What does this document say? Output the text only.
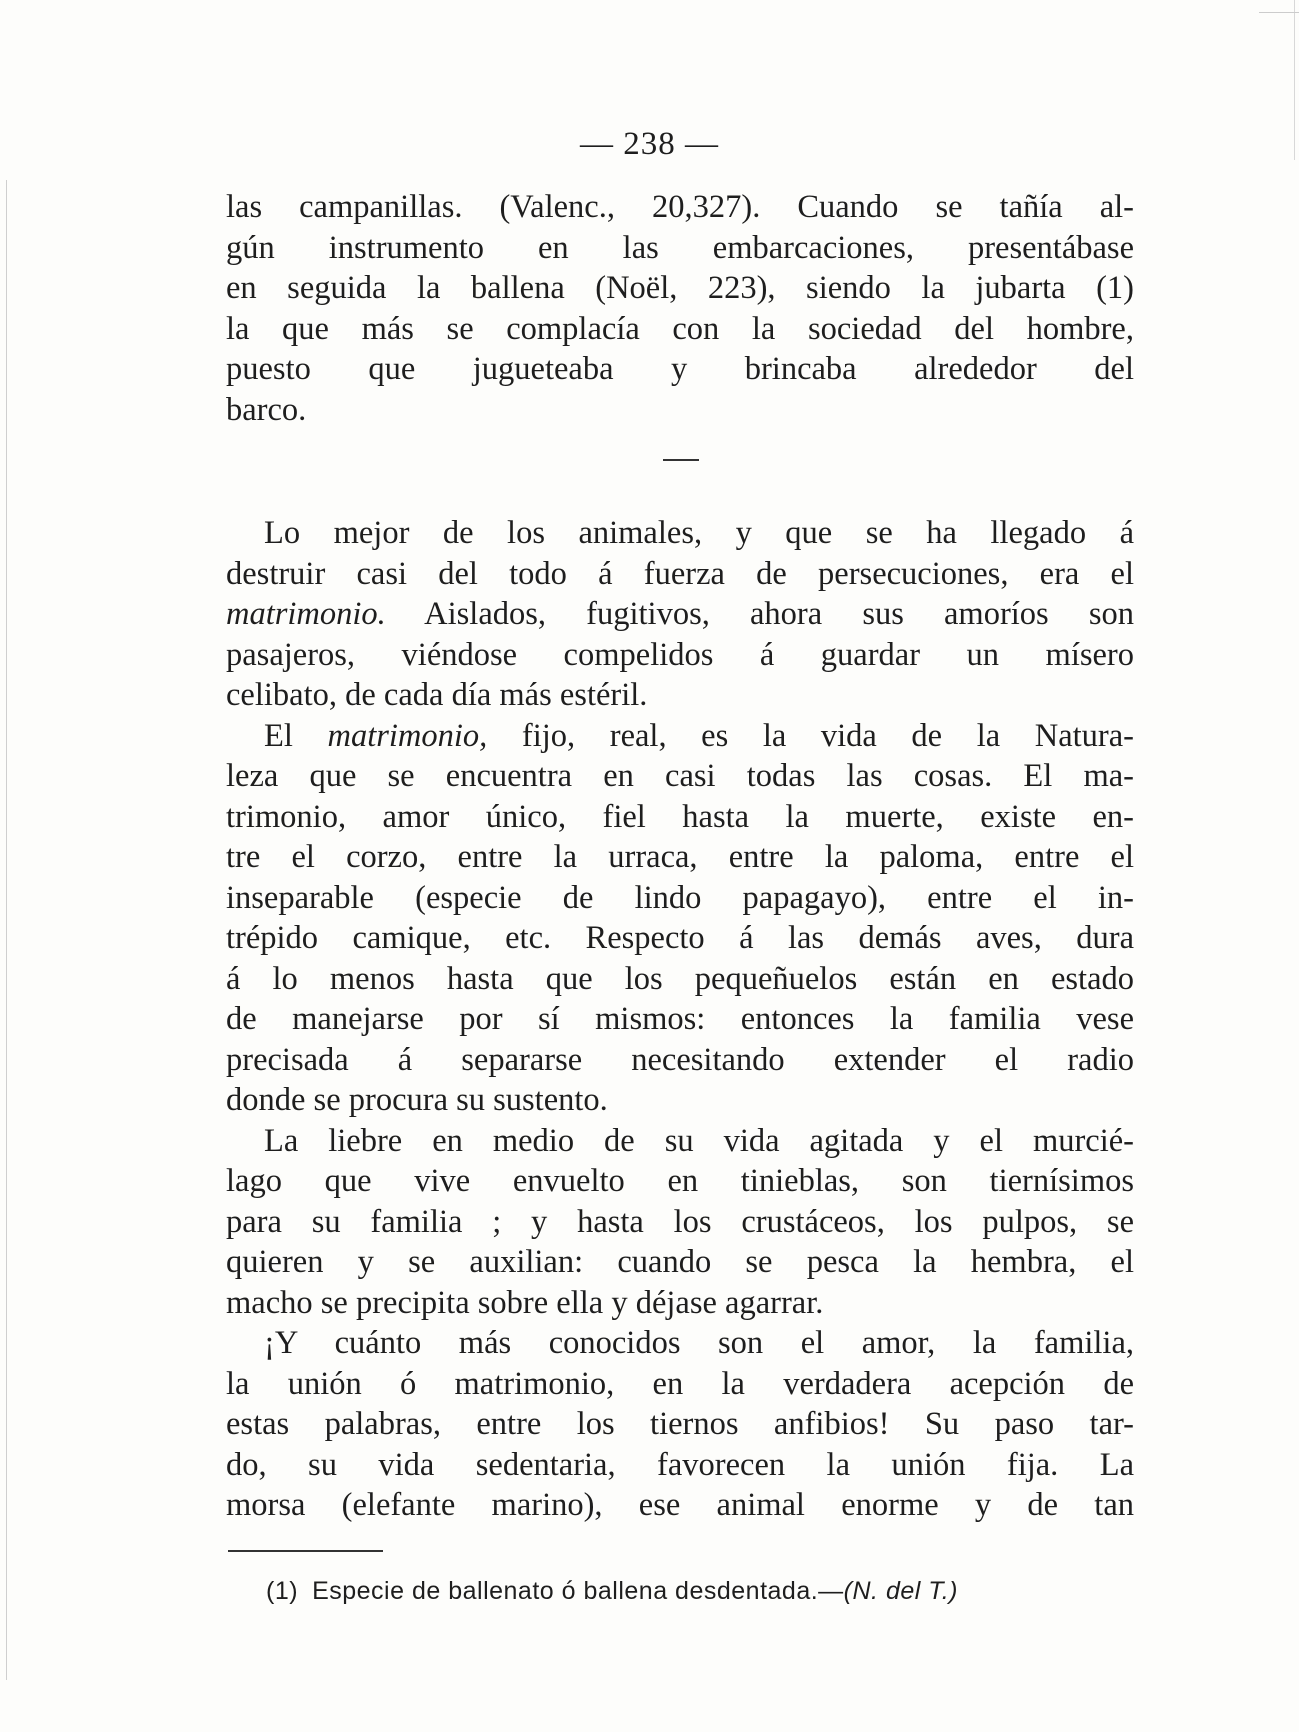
— 238 —

las campanillas. (Valenc., 20,327). Cuando se tañía al-

gún instrumento en las embarcaciones, presentábase

en seguida la ballena (Noël, 223), siendo la jubarta (1)

la que más se complacía con la sociedad del hombre,

puesto que jugueteaba y brincaba alrededor del

barco.

Lo mejor de los animales, y que se ha llegado á

destruir casi del todo á fuerza de persecuciones, era el

matrimonio. Aislados, fugitivos, ahora sus amoríos son

pasajeros, viéndose compelidos á guardar un mísero

celibato, de cada día más estéril.

El matrimonio, fijo, real, es la vida de la Natura-

leza que se encuentra en casi todas las cosas. El ma-

trimonio, amor único, fiel hasta la muerte, existe en-

tre el corzo, entre la urraca, entre la paloma, entre el

inseparable (especie de lindo papagayo), entre el in-

trépido camique, etc. Respecto á las demás aves, dura

á lo menos hasta que los pequeñuelos están en estado

de manejarse por sí mismos: entonces la familia vese

precisada á separarse necesitando extender el radio

donde se procura su sustento.

La liebre en medio de su vida agitada y el murcié-

lago que vive envuelto en tinieblas, son tiernísimos

para su familia ; y hasta los crustáceos, los pulpos, se

quieren y se auxilian: cuando se pesca la hembra, el

macho se precipita sobre ella y déjase agarrar.

¡Y cuánto más conocidos son el amor, la familia,

la unión ó matrimonio, en la verdadera acepción de

estas palabras, entre los tiernos anfibios! Su paso tar-

do, su vida sedentaria, favorecen la unión fija. La

morsa (elefante marino), ese animal enorme y de tan

(1) Especie de ballenato ó ballena desdentada.—(N. del T.)
